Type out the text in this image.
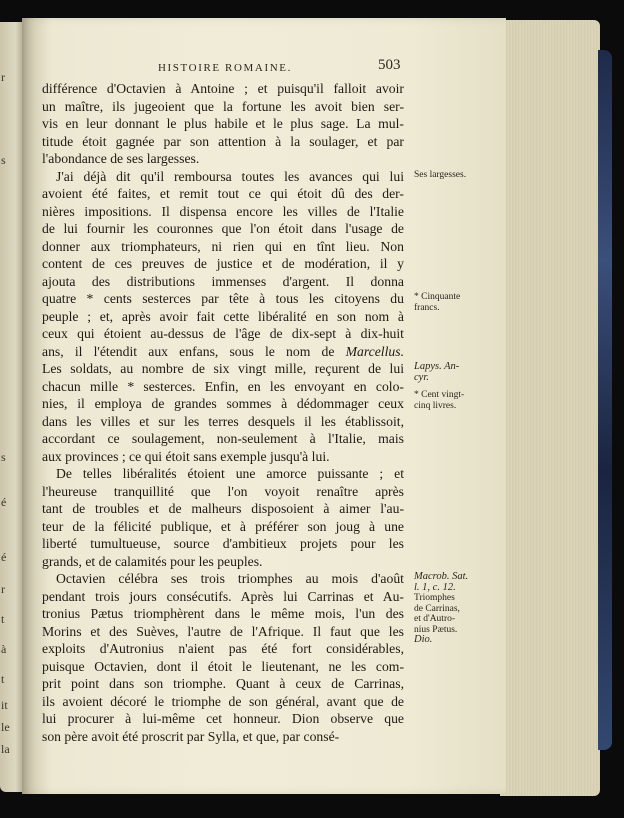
r
s
s
é
é
r
t
à
t
it
le
la
HISTOIRE ROMAINE.	503
différence d'Octavien à Antoine ; et puisqu'il falloit avoir
un maître, ils jugeoient que la fortune les avoit bien ser-
vis en leur donnant le plus habile et le plus sage. La mul-
titude étoit gagnée par son attention à la soulager, et par
l'abondance de ses largesses.
J'ai déjà dit qu'il remboursa toutes les avances qui lui
avoient été faites, et remit tout ce qui étoit dû des der-
nières impositions. Il dispensa encore les villes de l'Italie
de lui fournir les couronnes que l'on étoit dans l'usage de
donner aux triomphateurs, ni rien qui en tînt lieu. Non
content de ces preuves de justice et de modération, il y
ajouta des distributions immenses d'argent. Il donna
quatre * cents sesterces par tête à tous les citoyens du
peuple ; et, après avoir fait cette libéralité en son nom à
ceux qui étoient au-dessus de l'âge de dix-sept à dix-huit
ans, il l'étendit aux enfans, sous le nom de Marcellus.
Les soldats, au nombre de six vingt mille, reçurent de lui
chacun mille * sesterces. Enfin, en les envoyant en colo-
nies, il employa de grandes sommes à dédommager ceux
dans les villes et sur les terres desquels il les établissoit,
accordant ce soulagement, non-seulement à l'Italie, mais
aux provinces ; ce qui étoit sans exemple jusqu'à lui.
De telles libéralités étoient une amorce puissante ; et
l'heureuse tranquillité que l'on voyoit renaître après
tant de troubles et de malheurs disposoient à aimer l'au-
teur de la félicité publique, et à préférer son joug à une
liberté tumultueuse, source d'ambitieux projets pour les
grands, et de calamités pour les peuples.
Octavien célébra ses trois triomphes au mois d'août
pendant trois jours consécutifs. Après lui Carrinas et Au-
tronius Pætus triomphèrent dans le même mois, l'un des
Morins et des Suèves, l'autre de l'Afrique. Il faut que les
exploits d'Autronius n'aient pas été fort considérables,
puisque Octavien, dont il étoit le lieutenant, ne les com-
prit point dans son triomphe. Quant à ceux de Carrinas,
ils avoient décoré le triomphe de son général, avant que de
lui procurer à lui-même cet honneur. Dion observe que
son père avoit été proscrit par Sylla, et que, par consé-
Ses largesses.
* Cinquante
francs.
Lapys. An-
cyr.
* Cent vingt-
cinq livres.
Macrob. Sat.
l. 1, c. 12.
Triomphes
de Carrinas,
et d'Autro-
nius Pætus.
Dio.
